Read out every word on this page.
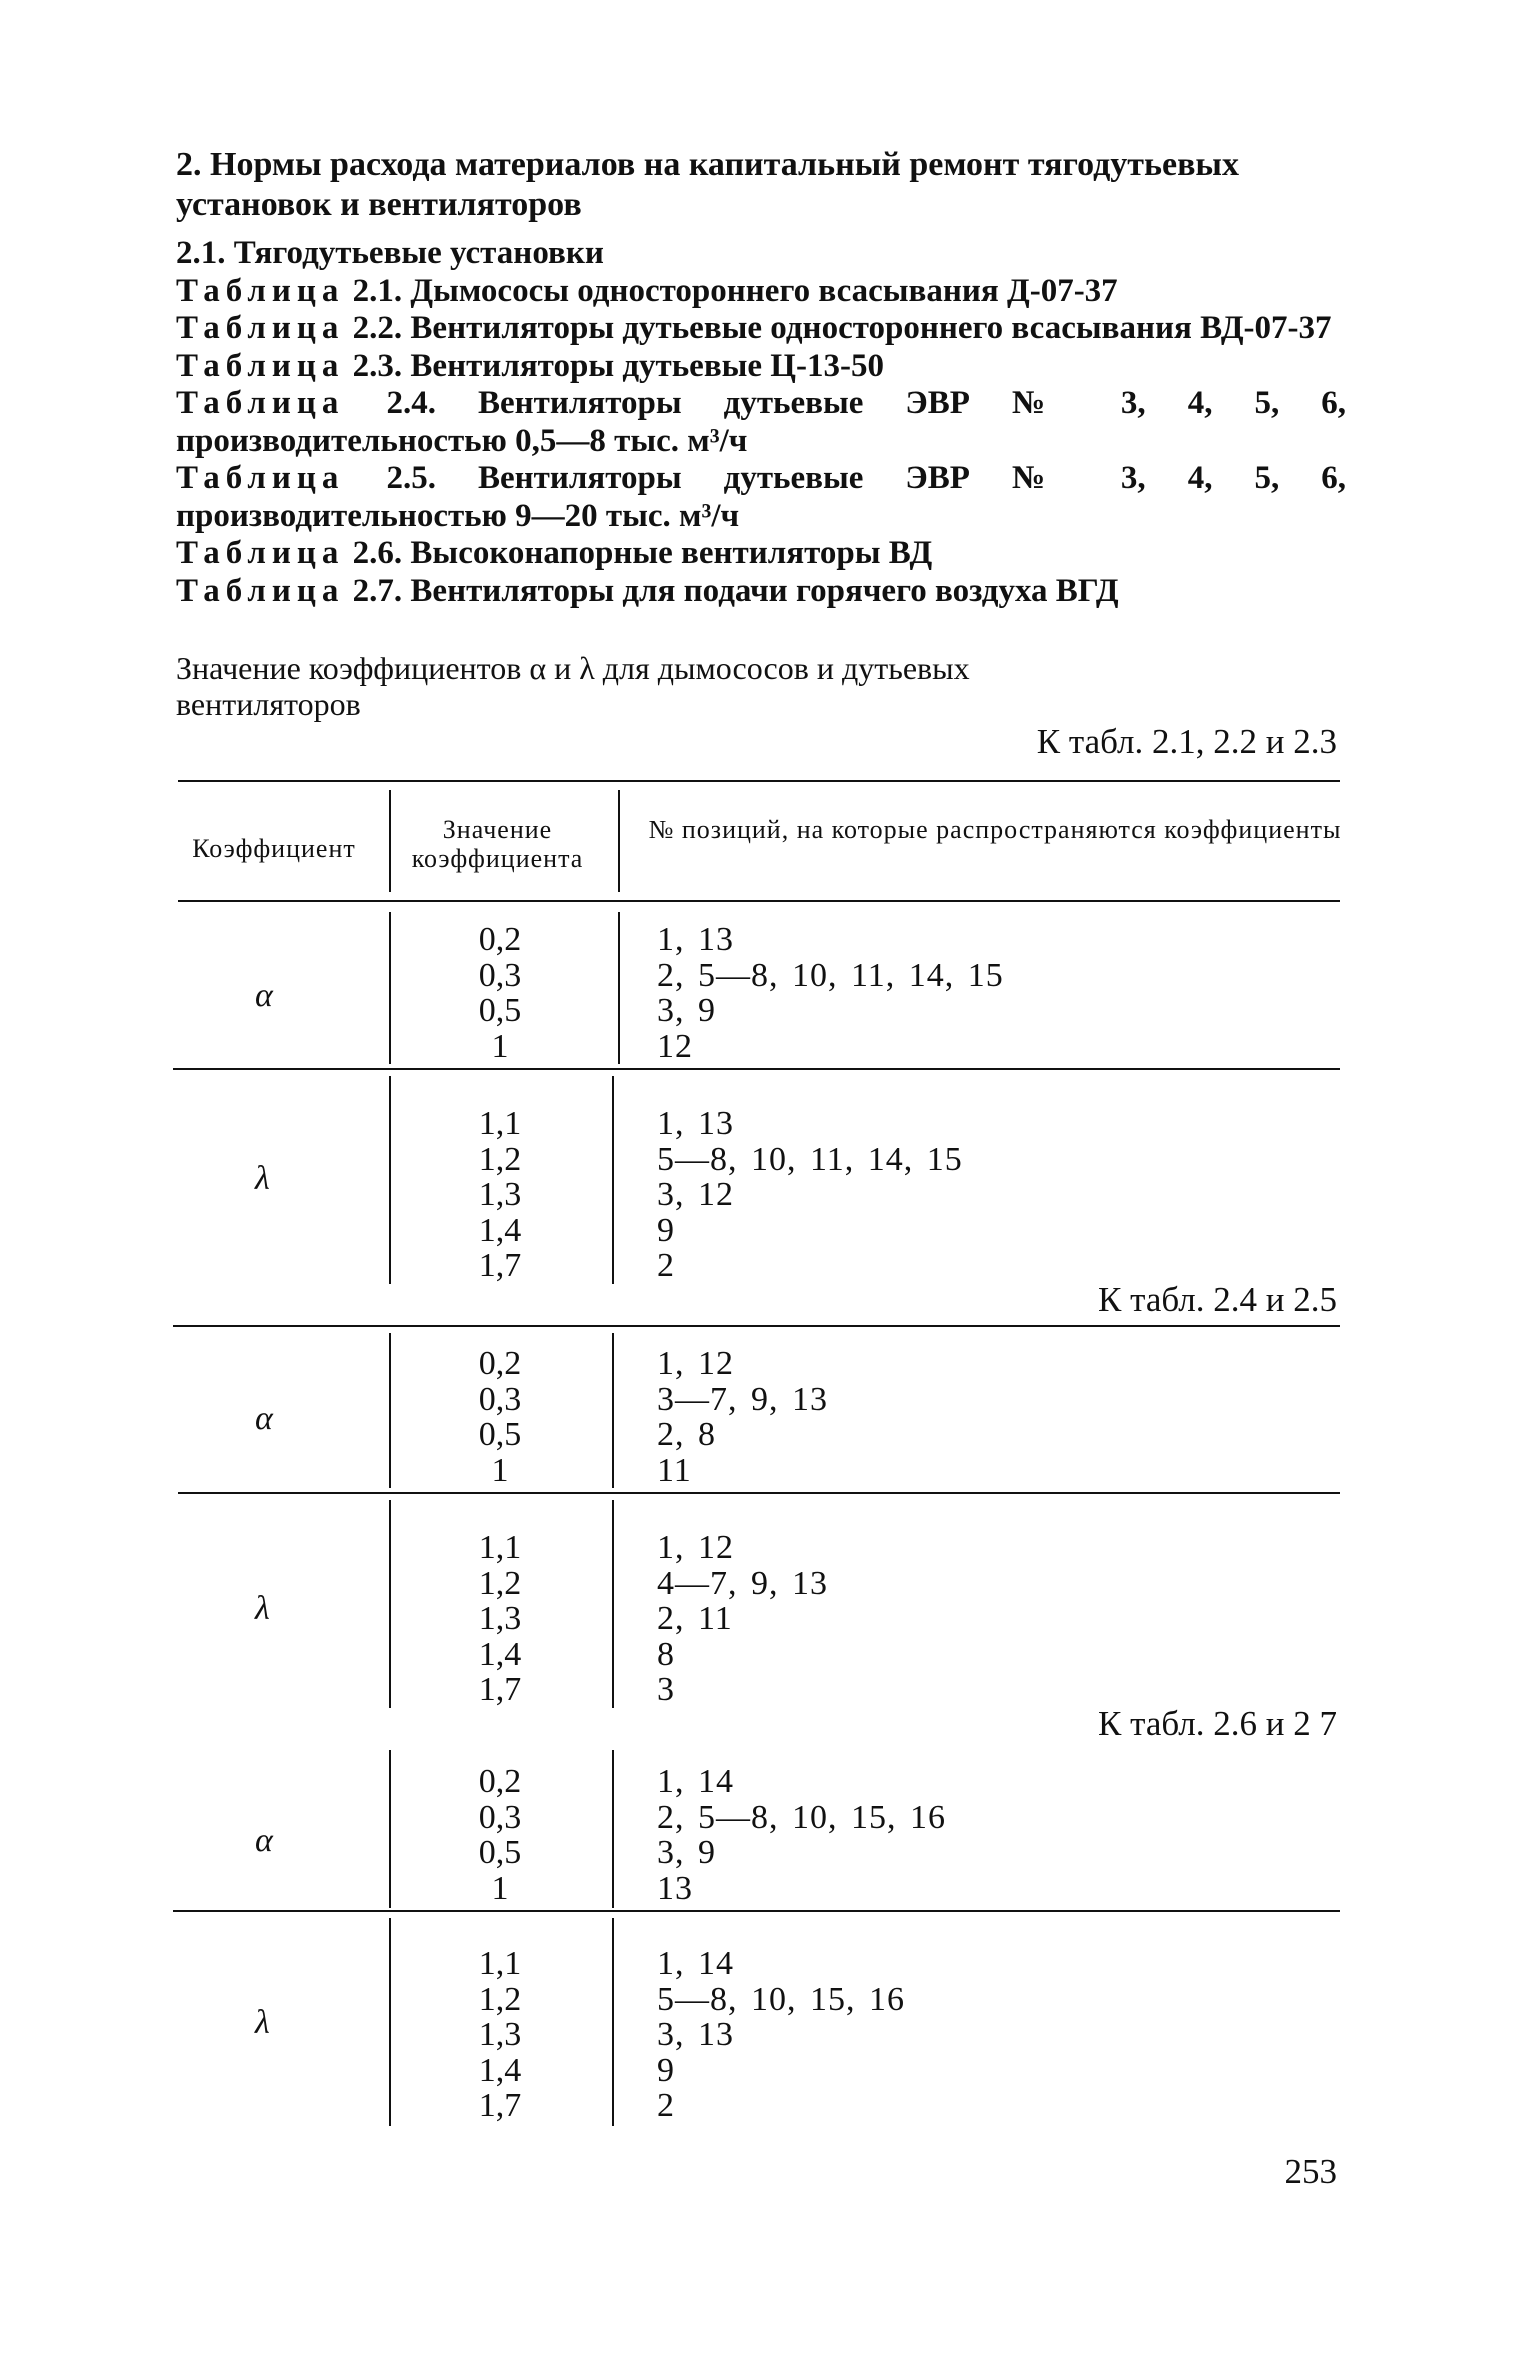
2. Нормы расхода материалов на капитальный ремонт тягодутьевых установок и вентиляторов
2.1. Тягодутьевые установки
Таблица 2.1. Дымососы одностороннего всасывания Д-07-37
Таблица 2.2. Вентиляторы дутьевые одностороннего всасывания ВД-07-37
Таблица 2.3. Вентиляторы дутьевые Ц-13-50
Таблица 2.4. Вентиляторы дутьевые ЭВР № 3, 4, 5, 6, производительностью 0,5—8 тыс. м³/ч
Таблица 2.5. Вентиляторы дутьевые ЭВР № 3, 4, 5, 6, производительностью 9—20 тыс. м³/ч
Таблица 2.6. Высоконапорные вентиляторы ВД
Таблица 2.7. Вентиляторы для подачи горячего воздуха ВГД
Значение коэффициентов α и λ для дымососов и дутьевых вентиляторов
К табл. 2.1, 2.2 и 2.3
Коэффициент
Значение коэффициента
№ позиций, на которые распространяются коэффициенты
α
0,2
0,3
0,5
1
1, 13
2, 5—8, 10, 11, 14, 15
3, 9
12
λ
1,1
1,2
1,3
1,4
1,7
1, 13
5—8, 10, 11, 14, 15
3, 12
9
2
К табл. 2.4 и 2.5
α
0,2
0,3
0,5
1
1, 12
3—7, 9, 13
2, 8
11
λ
1,1
1,2
1,3
1,4
1,7
1, 12
4—7, 9, 13
2, 11
8
3
К табл. 2.6 и 2 7
α
0,2
0,3
0,5
1
1, 14
2, 5—8, 10, 15, 16
3, 9
13
λ
1,1
1,2
1,3
1,4
1,7
1, 14
5—8, 10, 15, 16
3, 13
9
2
253
